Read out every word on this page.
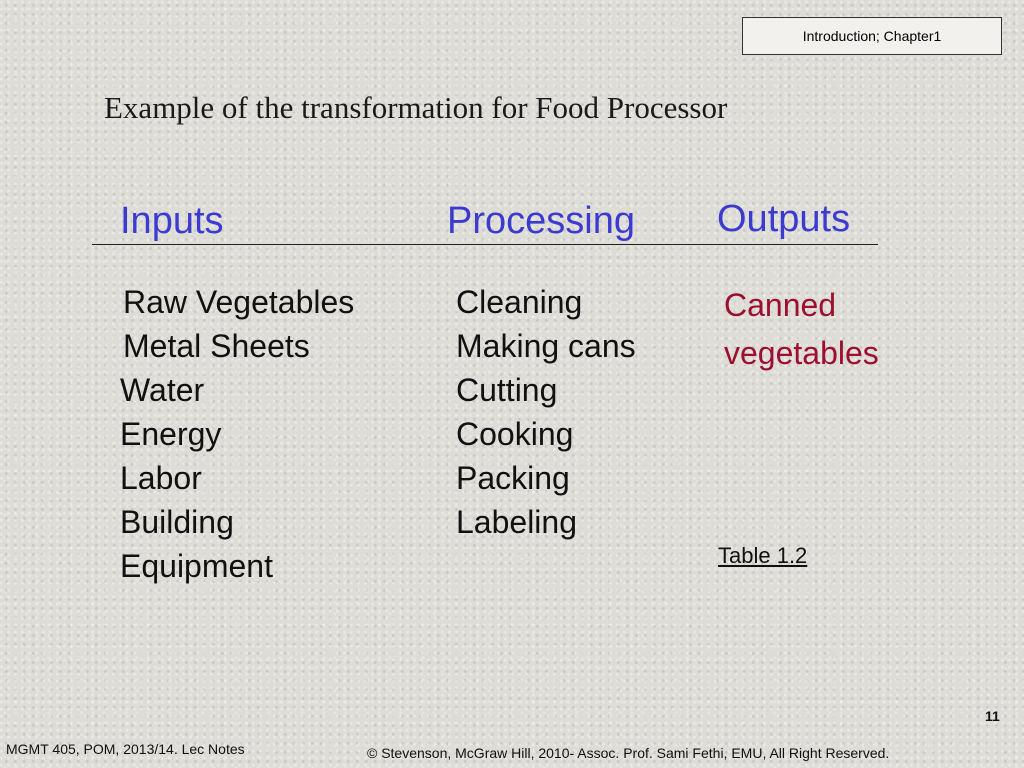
Introduction; Chapter1
Example of the transformation for Food Processor
Inputs	Processing Outputs
Raw Vegetables
Metal Sheets
Water
Energy
Labor
Building
Equipment
Cleaning
Making cans
Cutting
Cooking
Packing
Labeling
Canned
vegetables
Table 1.2
11
MGMT 405, POM, 2013/14. Lec Notes	© Stevenson, McGraw Hill, 2010- Assoc. Prof. Sami Fethi, EMU, All Right Reserved.
